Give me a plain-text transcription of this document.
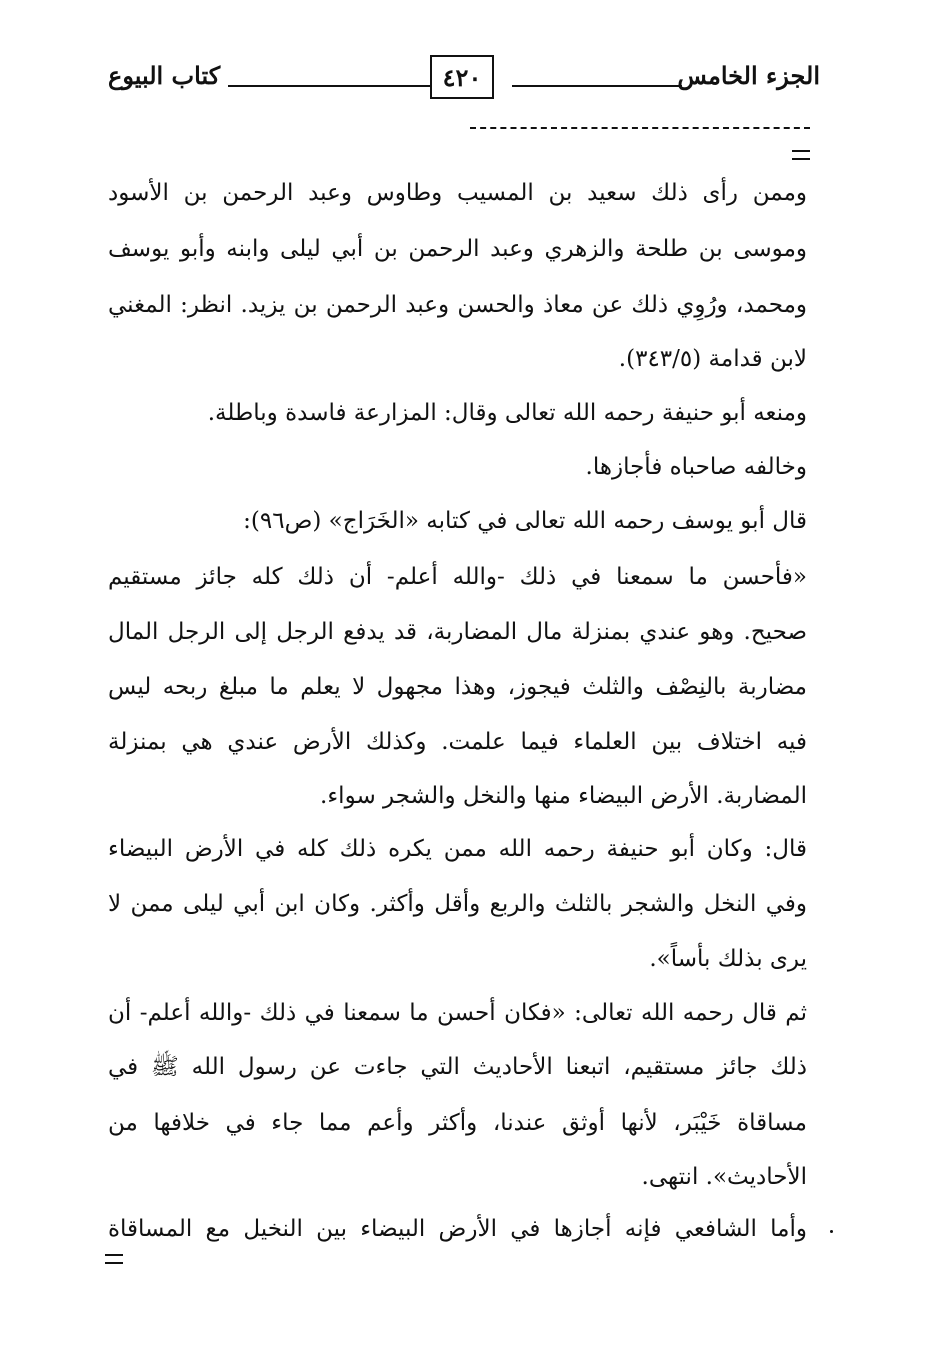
الجزء الخامس
٤٢٠
كتاب البيوع
وممن رأى ذلك سعيد بن المسيب وطاوس وعبد الرحمن بن الأسود
وموسى بن طلحة والزهري وعبد الرحمن بن أبي ليلى وابنه وأبو يوسف
ومحمد، ورُوِي ذلك عن معاذ والحسن وعبد الرحمن بن يزيد. انظر: المغني
لابن قدامة (٣٤٣/٥).
ومنعه أبو حنيفة رحمه الله تعالى وقال: المزارعة فاسدة وباطلة.
وخالفه صاحباه فأجازها.
قال أبو يوسف رحمه الله تعالى في كتابه «الخَرَاج» (ص٩٦):
«فأحسن ما سمعنا في ذلك -والله أعلم- أن ذلك كله جائز مستقيم
صحيح. وهو عندي بمنزلة مال المضاربة، قد يدفع الرجل إلى الرجل المال
مضاربة بالنِصْف والثلث فيجوز، وهذا مجهول لا يعلم ما مبلغ ربحه ليس
فيه اختلاف بين العلماء فيما علمت. وكذلك الأرض عندي هي بمنزلة
المضاربة. الأرض البيضاء منها والنخل والشجر سواء.
قال: وكان أبو حنيفة رحمه الله ممن يكره ذلك كله في الأرض البيضاء
وفي النخل والشجر بالثلث والربع وأقل وأكثر. وكان ابن أبي ليلى ممن لا
يرى بذلك بأساً».
ثم قال رحمه الله تعالى: «فكان أحسن ما سمعنا في ذلك -والله أعلم- أن
ذلك جائز مستقيم، اتبعنا الأحاديث التي جاءت عن رسول الله ﷺ في
مساقاة خَيْبَر، لأنها أوثق عندنا، وأكثر وأعم مما جاء في خلافها من
الأحاديث». انتهى.
وأما الشافعي فإنه أجازها في الأرض البيضاء بين النخيل مع المساقاة
